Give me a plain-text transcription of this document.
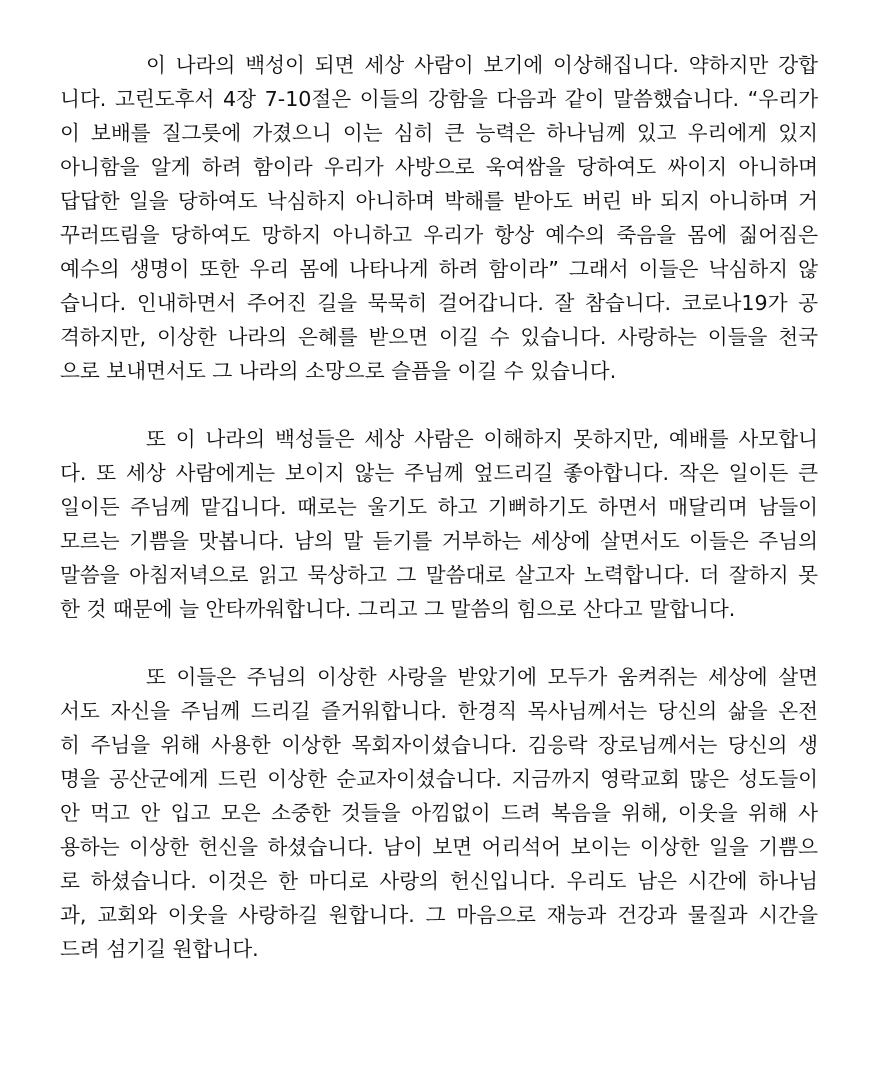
이 나라의 백성이 되면 세상 사람이 보기에 이상해집니다. 약하지만 강합
니다. 고린도후서 4장 7-10절은 이들의 강함을 다음과 같이 말씀했습니다. “우리가
이 보배를 질그릇에 가졌으니 이는 심히 큰 능력은 하나님께 있고 우리에게 있지
아니함을 알게 하려 함이라 우리가 사방으로 욱여쌈을 당하여도 싸이지 아니하며
답답한 일을 당하여도 낙심하지 아니하며 박해를 받아도 버린 바 되지 아니하며 거
꾸러뜨림을 당하여도 망하지 아니하고 우리가 항상 예수의 죽음을 몸에 짊어짐은
예수의 생명이 또한 우리 몸에 나타나게 하려 함이라” 그래서 이들은 낙심하지 않
습니다. 인내하면서 주어진 길을 묵묵히 걸어갑니다. 잘 참습니다. 코로나19가 공
격하지만, 이상한 나라의 은혜를 받으면 이길 수 있습니다. 사랑하는 이들을 천국
으로 보내면서도 그 나라의 소망으로 슬픔을 이길 수 있습니다.
또 이 나라의 백성들은 세상 사람은 이해하지 못하지만, 예배를 사모합니
다. 또 세상 사람에게는 보이지 않는 주님께 엎드리길 좋아합니다. 작은 일이든 큰
일이든 주님께 맡깁니다. 때로는 울기도 하고 기뻐하기도 하면서 매달리며 남들이
모르는 기쁨을 맛봅니다. 남의 말 듣기를 거부하는 세상에 살면서도 이들은 주님의
말씀을 아침저녁으로 읽고 묵상하고 그 말씀대로 살고자 노력합니다. 더 잘하지 못
한 것 때문에 늘 안타까워합니다. 그리고 그 말씀의 힘으로 산다고 말합니다.
또 이들은 주님의 이상한 사랑을 받았기에 모두가 움켜쥐는 세상에 살면
서도 자신을 주님께 드리길 즐거워합니다. 한경직 목사님께서는 당신의 삶을 온전
히 주님을 위해 사용한 이상한 목회자이셨습니다. 김응락 장로님께서는 당신의 생
명을 공산군에게 드린 이상한 순교자이셨습니다. 지금까지 영락교회 많은 성도들이
안 먹고 안 입고 모은 소중한 것들을 아낌없이 드려 복음을 위해, 이웃을 위해 사
용하는 이상한 헌신을 하셨습니다. 남이 보면 어리석어 보이는 이상한 일을 기쁨으
로 하셨습니다. 이것은 한 마디로 사랑의 헌신입니다. 우리도 남은 시간에 하나님
과, 교회와 이웃을 사랑하길 원합니다. 그 마음으로 재능과 건강과 물질과 시간을
드려 섬기길 원합니다.
